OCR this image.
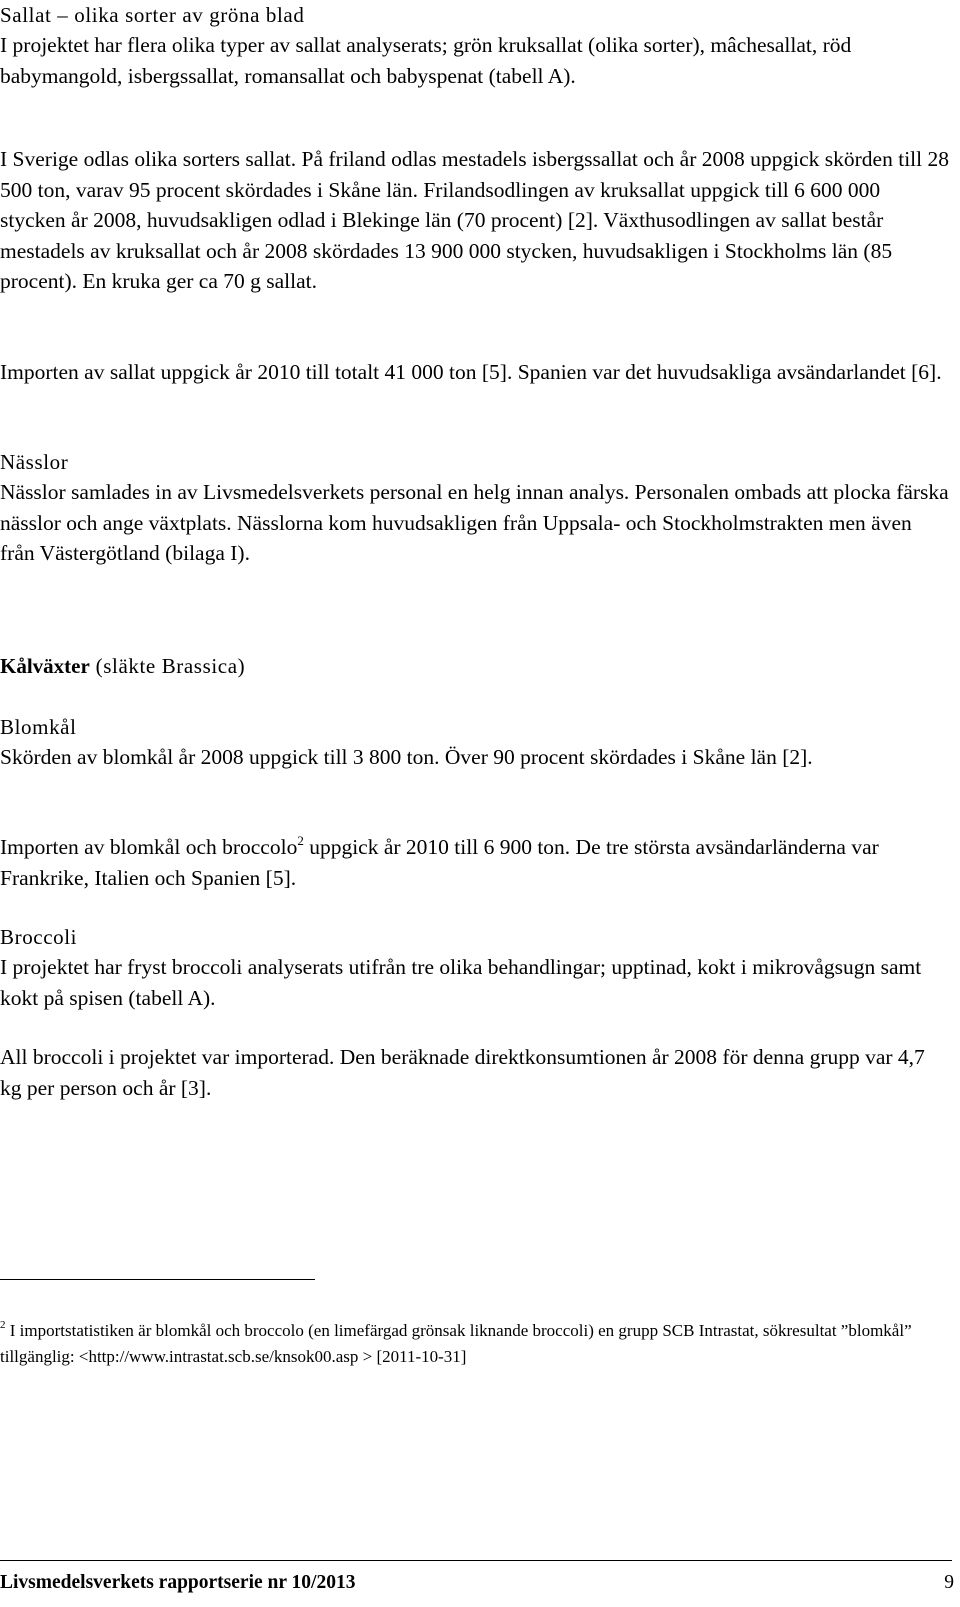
Sallat – olika sorter av gröna blad

I projektet har flera olika typer av sallat analyserats; grön kruksallat (olika sorter), mâchesallat, röd babymangold, isbergssallat, romansallat och babyspenat (tabell A).

I Sverige odlas olika sorters sallat. På friland odlas mestadels isbergssallat och år 2008 uppgick skörden till 28 500 ton, varav 95 procent skördades i Skåne län. Frilandsodlingen av kruksallat uppgick till 6 600 000 stycken år 2008, huvudsakligen odlad i Blekinge län (70 procent) [2]. Växthusodlingen av sallat består mestadels av kruksallat och år 2008 skördades 13 900 000 stycken, huvudsakligen i Stockholms län (85 procent). En kruka ger ca 70 g sallat.

Importen av sallat uppgick år 2010 till totalt 41 000 ton [5]. Spanien var det huvudsakliga avsändarlandet [6].

Nässlor

Nässlor samlades in av Livsmedelsverkets personal en helg innan analys. Personalen ombads att plocka färska nässlor och ange växtplats. Nässlorna kom huvudsakligen från Uppsala- och Stockholmstrakten men även från Västergötland (bilaga I).

Kålväxter (släkte Brassica)
Blomkål

Skörden av blomkål år 2008 uppgick till 3 800 ton. Över 90 procent skördades i Skåne län [2].

Importen av blomkål och broccolo$^2$ uppgick år 2010 till 6 900 ton. De tre största avsändarländerna var Frankrike, Italien och Spanien [5].

Broccoli

I projektet har fryst broccoli analyserats utifrån tre olika behandlingar; upptinad, kokt i mikrovågsugn samt kokt på spisen (tabell A).

All broccoli i projektet var importerad. Den beräknade direktkonsumtionen år 2008 för denna grupp var 4,7 kg per person och år [3].

$^2$ I importstatistiken är blomkål och broccolo (en limefärgad grönsak liknande broccoli) en grupp SCB Intrastat, sökresultat ”blomkål” tillgänglig: <http://www.intrastat.scb.se/knsok00.asp > [2011-10-31]

Livsmedelsverkets rapportserie nr 10/2013	9
